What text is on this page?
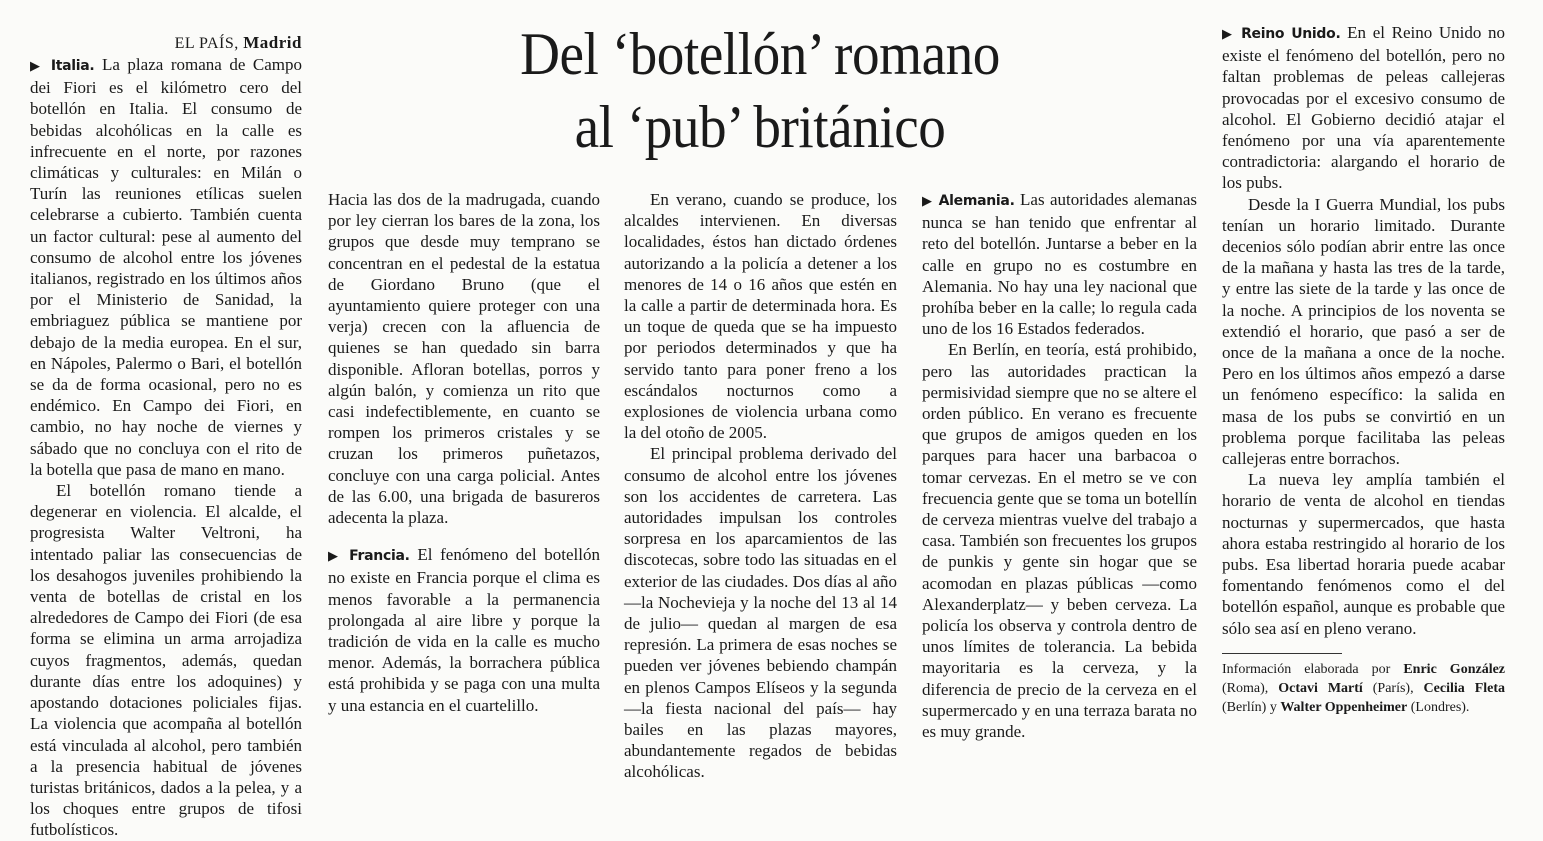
Del ‘botellón’ romano
al ‘pub’ británico

EL PAÍS, Madrid

▶ Italia. La plaza romana de Campo dei Fiori es el kilómetro cero del botellón en Italia. El consumo de bebidas alcohólicas en la calle es infrecuente en el norte, por razones climáticas y culturales: en Milán o Turín las reuniones etílicas suelen celebrarse a cubierto. También cuenta un factor cultural: pese al aumento del consumo de alcohol entre los jóvenes italianos, registrado en los últimos años por el Ministerio de Sanidad, la embriaguez pública se mantiene por debajo de la media europea. En el sur, en Nápoles, Palermo o Bari, el botellón se da de forma ocasional, pero no es endémico. En Campo dei Fiori, en cambio, no hay noche de viernes y sábado que no concluya con el rito de la botella que pasa de mano en mano.

El botellón romano tiende a degenerar en violencia. El alcalde, el progresista Walter Veltroni, ha intentado paliar las consecuencias de los desahogos juveniles prohibiendo la venta de botellas de cristal en los alrededores de Campo dei Fiori (de esa forma se elimina un arma arrojadiza cuyos fragmentos, además, quedan durante días entre los adoquines) y apostando dotaciones policiales fijas. La violencia que acompaña al botellón está vinculada al alcohol, pero también a la presencia habitual de jóvenes turistas británicos, dados a la pelea, y a los choques entre grupos de tifosi futbolísticos.

Hacia las dos de la madrugada, cuando por ley cierran los bares de la zona, los grupos que desde muy temprano se concentran en el pedestal de la estatua de Giordano Bruno (que el ayuntamiento quiere proteger con una verja) crecen con la afluencia de quienes se han quedado sin barra disponible. Afloran botellas, porros y algún balón, y comienza un rito que casi indefectiblemente, en cuanto se rompen los primeros cristales y se cruzan los primeros puñetazos, concluye con una carga policial. Antes de las 6.00, una brigada de basureros adecenta la plaza.

▶ Francia. El fenómeno del botellón no existe en Francia porque el clima es menos favorable a la permanencia prolongada al aire libre y porque la tradición de vida en la calle es mucho menor. Además, la borrachera pública está prohibida y se paga con una multa y una estancia en el cuartelillo.

En verano, cuando se produce, los alcaldes intervienen. En diversas localidades, éstos han dictado órdenes autorizando a la policía a detener a los menores de 14 o 16 años que estén en la calle a partir de determinada hora. Es un toque de queda que se ha impuesto por periodos determinados y que ha servido tanto para poner freno a los escándalos nocturnos como a explosiones de violencia urbana como la del otoño de 2005.

El principal problema derivado del consumo de alcohol entre los jóvenes son los accidentes de carretera. Las autoridades impulsan los controles sorpresa en los aparcamientos de las discotecas, sobre todo las situadas en el exterior de las ciudades. Dos días al año —la Nochevieja y la noche del 13 al 14 de julio— quedan al margen de esa represión. La primera de esas noches se pueden ver jóvenes bebiendo champán en plenos Campos Elíseos y la segunda —la fiesta nacional del país— hay bailes en las plazas mayores, abundantemente regados de bebidas alcohólicas.

▶ Alemania. Las autoridades alemanas nunca se han tenido que enfrentar al reto del botellón. Juntarse a beber en la calle en grupo no es costumbre en Alemania. No hay una ley nacional que prohíba beber en la calle; lo regula cada uno de los 16 Estados federados.

En Berlín, en teoría, está prohibido, pero las autoridades practican la permisividad siempre que no se altere el orden público. En verano es frecuente que grupos de amigos queden en los parques para hacer una barbacoa o tomar cervezas. En el metro se ve con frecuencia gente que se toma un botellín de cerveza mientras vuelve del trabajo a casa. También son frecuentes los grupos de punkis y gente sin hogar que se acomodan en plazas públicas —como Alexanderplatz— y beben cerveza. La policía los observa y controla dentro de unos límites de tolerancia. La bebida mayoritaria es la cerveza, y la diferencia de precio de la cerveza en el supermercado y en una terraza barata no es muy grande.

▶ Reino Unido. En el Reino Unido no existe el fenómeno del botellón, pero no faltan problemas de peleas callejeras provocadas por el excesivo consumo de alcohol. El Gobierno decidió atajar el fenómeno por una vía aparentemente contradictoria: alargando el horario de los pubs.

Desde la I Guerra Mundial, los pubs tenían un horario limitado. Durante decenios sólo podían abrir entre las once de la mañana y hasta las tres de la tarde, y entre las siete de la tarde y las once de la noche. A principios de los noventa se extendió el horario, que pasó a ser de once de la mañana a once de la noche. Pero en los últimos años empezó a darse un fenómeno específico: la salida en masa de los pubs se convirtió en un problema porque facilitaba las peleas callejeras entre borrachos.

La nueva ley amplía también el horario de venta de alcohol en tiendas nocturnas y supermercados, que hasta ahora estaba restringido al horario de los pubs. Esa libertad horaria puede acabar fomentando fenómenos como el del botellón español, aunque es probable que sólo sea así en pleno verano.

Información elaborada por Enric González (Roma), Octavi Martí (París), Cecilia Fleta (Berlín) y Walter Oppenheimer (Londres).
